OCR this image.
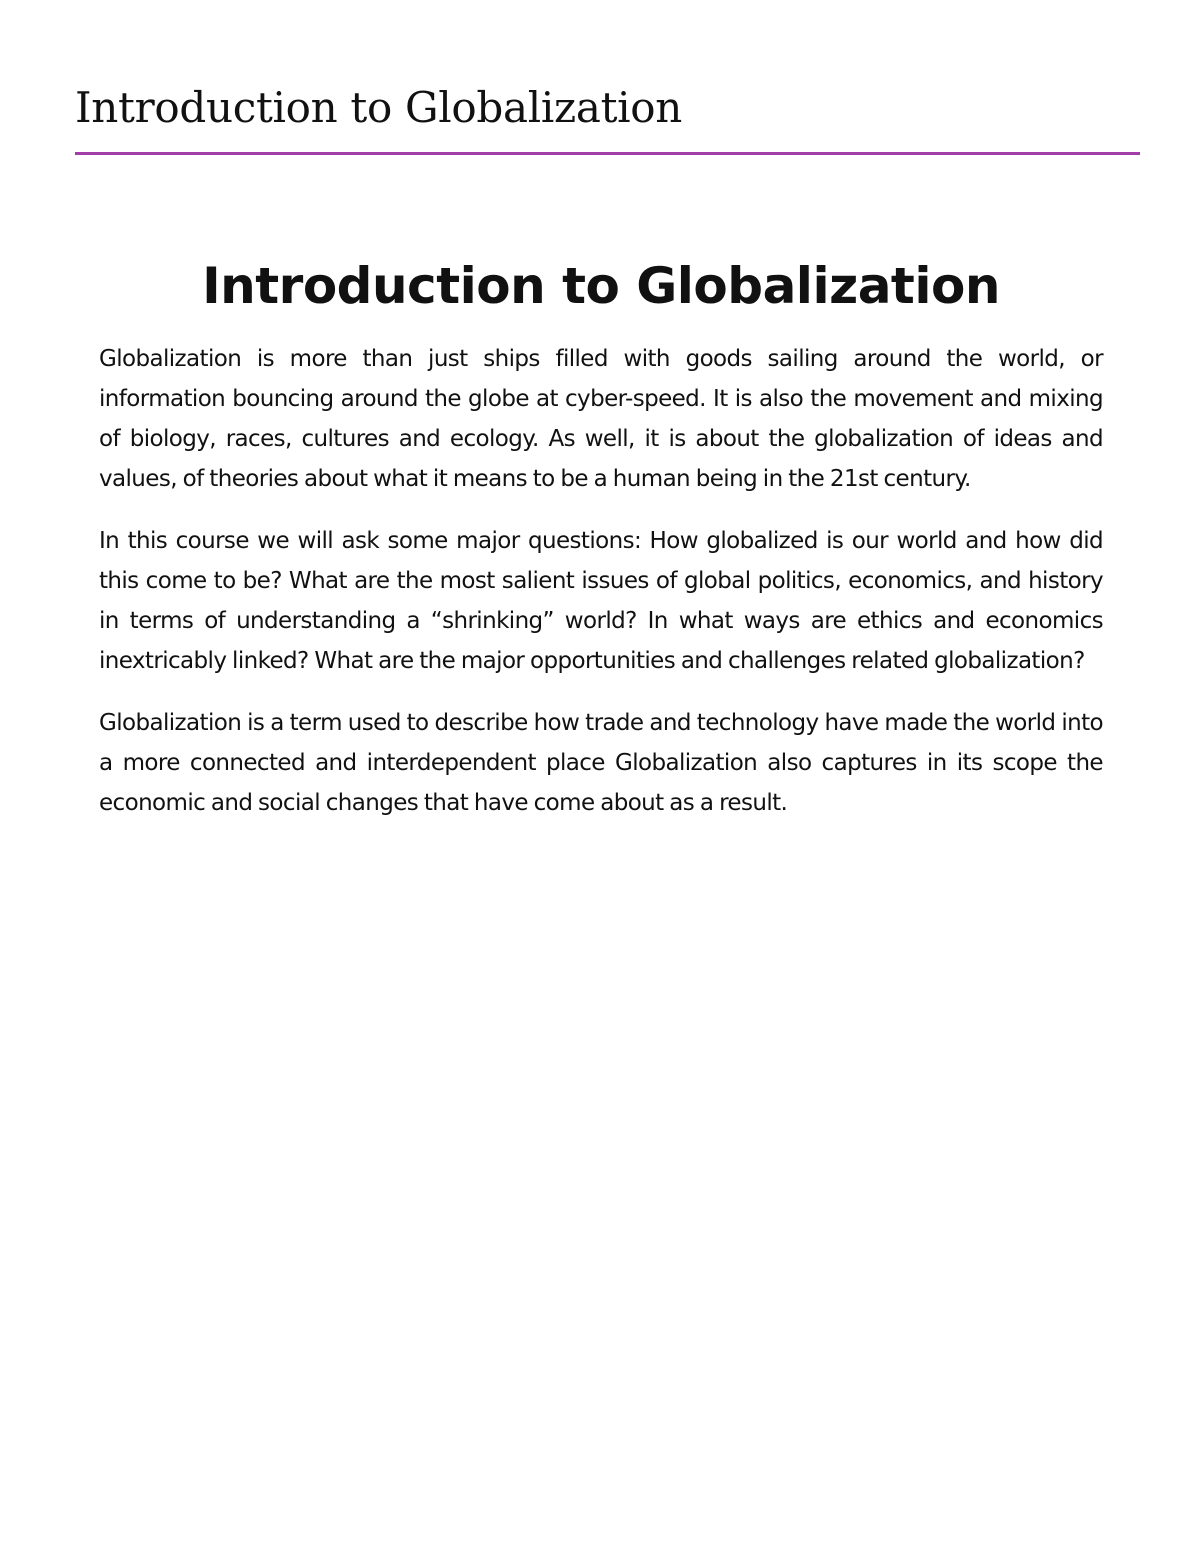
Introduction to Globalization
Introduction to Globalization

Globalization is more than just ships filled with goods sailing around the world, or information bouncing around the globe at cyber-speed. It is also the movement and mixing of biology, races, cultures and ecology. As well, it is about the globalization of ideas and values, of theories about what it means to be a human being in the 21st century.

In this course we will ask some major questions: How globalized is our world and how did this come to be? What are the most salient issues of global politics, economics, and history in terms of understanding a “shrinking” world? In what ways are ethics and economics inextricably linked? What are the major opportunities and challenges related globalization?

Globalization is a term used to describe how trade and technology have made the world into a more connected and interdependent place Globalization also captures in its scope the economic and social changes that have come about as a result.
